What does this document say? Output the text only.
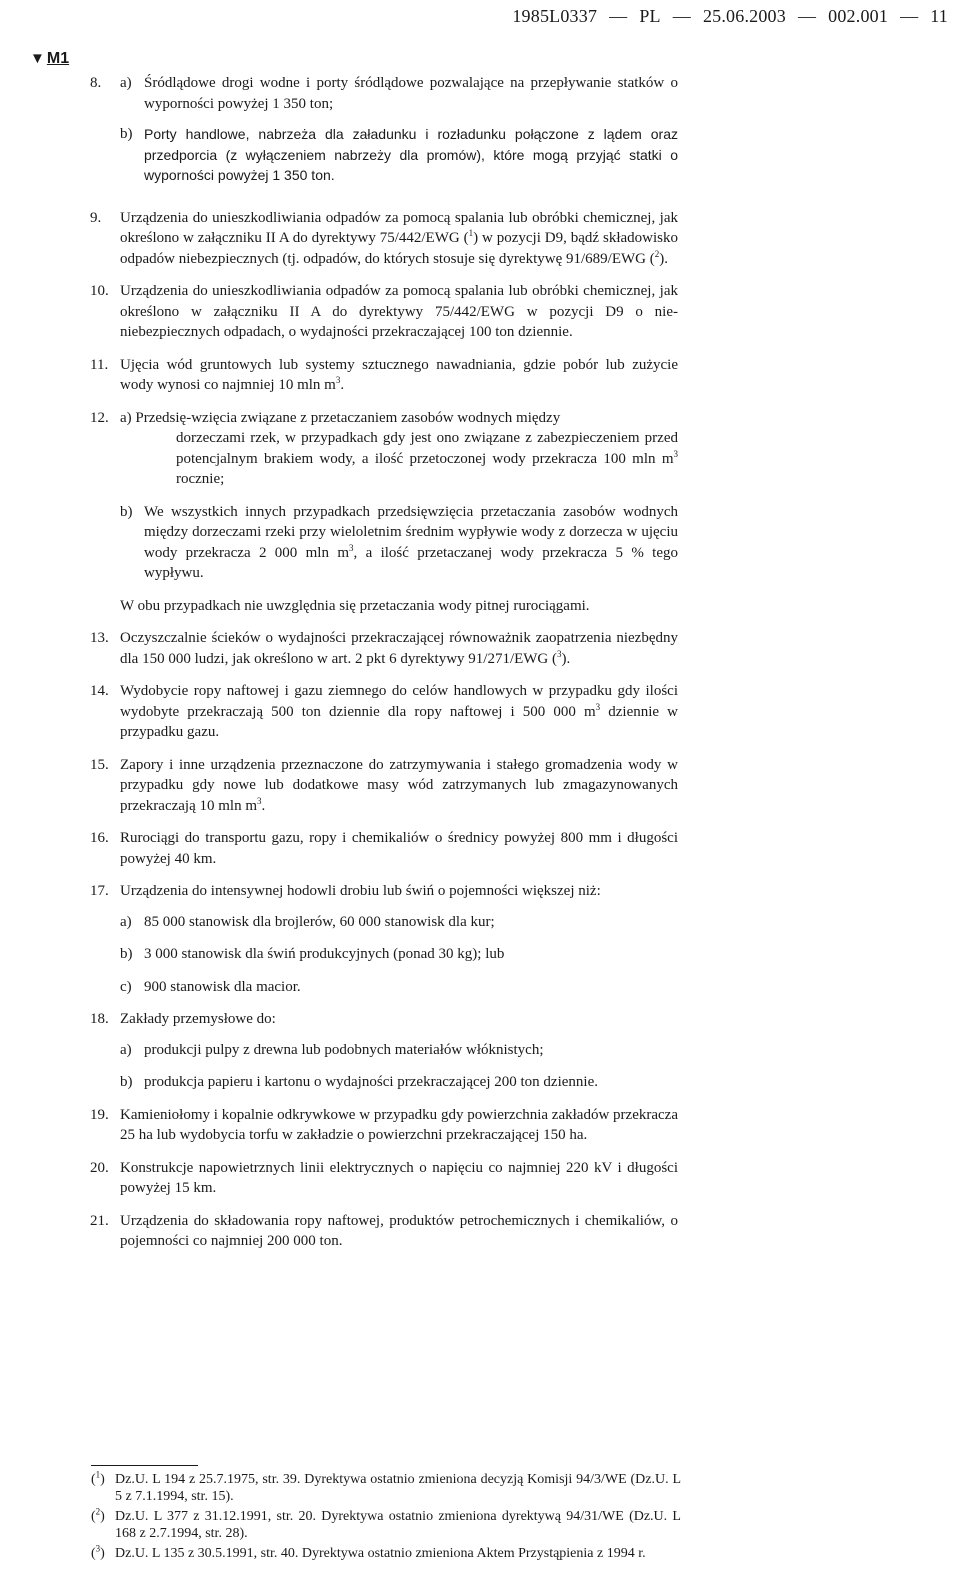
1985L0337 — PL — 25.06.2003 — 002.001 — 11
▼ M1
8.	a) Śródlądowe drogi wodne i porty śródlądowe pozwalające na przepływanie statków o wyporności powyżej 1 350 ton;
b) Porty handlowe, nabrzeża dla załadunku i rozładunku połączone z lądem oraz przedporcia (z wyłączeniem nabrzeży dla promów), które mogą przyjąć statki o wyporności powyżej 1 350 ton.
9.	Urządzenia do unieszkodliwiania odpadów za pomocą spalania lub obróbki chemicznej, jak określono w załączniku II A do dyrektywy 75/442/EWG ($^1$) w pozycji D9, bądź składowisko odpadów niebezpiecznych (tj. odpadów, do których stosuje się dyrektywę 91/689/EWG ($^2$).
10. Urządzenia do unieszkodliwiania odpadów za pomocą spalania lub obróbki chemicznej, jak określono w załączniku II A do dyrektywy 75/442/EWG w pozycji D9 o nie-niebezpiecznych odpadach, o wydajności przekraczającej 100 ton dziennie.
11. Ujęcia wód gruntowych lub systemy sztucznego nawadniania, gdzie pobór lub zużycie wody wynosi co najmniej 10 mln $m^3$.
12. a) Przedsię-wzięcia związane z przetaczaniem zasobów wodnych między
dorzeczami rzek, w przypadkach gdy jest ono związane z zabezpieczeniem przed potencjalnym brakiem wody, a ilość przetoczonej wody przekracza 100 mln $m^3$ rocznie;
b) We wszystkich innych przypadkach przedsięwzięcia przetaczania zasobów wodnych między dorzeczami rzeki przy wieloletnim średnim wypływie wody z dorzecza w ujęciu wody przekracza 2 000 mln $m^3$, a ilość przetaczanej wody przekracza 5 % tego wypływu.
W obu przypadkach nie uwzględnia się przetaczania wody pitnej rurociągami.
13. Oczyszczalnie ścieków o wydajności przekraczającej równoważnik zaopatrzenia niezbędny dla 150 000 ludzi, jak określono w art. 2 pkt 6 dyrektywy 91/271/EWG ($^3$).
14. Wydobycie ropy naftowej i gazu ziemnego do celów handlowych w przypadku gdy ilości wydobyte przekraczają 500 ton dziennie dla ropy naftowej i 500 000 $m^3$ dziennie w przypadku gazu.
15. Zapory i inne urządzenia przeznaczone do zatrzymywania i stałego gromadzenia wody w przypadku gdy nowe lub dodatkowe masy wód zatrzymanych lub zmagazynowanych przekraczają 10 mln $m^3$.
16. Rurociągi do transportu gazu, ropy i chemikaliów o średnicy powyżej 800 mm i długości powyżej 40 km.
17. Urządzenia do intensywnej hodowli drobiu lub świń o pojemności większej niż:
a) 85 000 stanowisk dla brojlerów, 60 000 stanowisk dla kur;
b) 3 000 stanowisk dla świń produkcyjnych (ponad 30 kg); lub
c) 900 stanowisk dla macior.
18. Zakłady przemysłowe do:
a) produkcji pulpy z drewna lub podobnych materiałów włóknistych;
b) produkcja papieru i kartonu o wydajności przekraczającej 200 ton dziennie.
19. Kamieniołomy i kopalnie odkrywkowe w przypadku gdy powierzchnia zakładów przekracza 25 ha lub wydobycia torfu w zakładzie o powierzchni przekraczającej 150 ha.
20. Konstrukcje napowietrznych linii elektrycznych o napięciu co najmniej 220 kV i długości powyżej 15 km.
21. Urządzenia do składowania ropy naftowej, produktów petrochemicznych i chemikaliów, o pojemności co najmniej 200 000 ton.
($^1$) Dz.U. L 194 z 25.7.1975, str. 39. Dyrektywa ostatnio zmieniona decyzją Komisji 94/3/WE (Dz.U. L 5 z 7.1.1994, str. 15).
($^2$) Dz.U. L 377 z 31.12.1991, str. 20. Dyrektywa ostatnio zmieniona dyrektywą 94/31/WE (Dz.U. L 168 z 2.7.1994, str. 28).
($^3$) Dz.U. L 135 z 30.5.1991, str. 40. Dyrektywa ostatnio zmieniona Aktem Przystąpienia z 1994 r.
